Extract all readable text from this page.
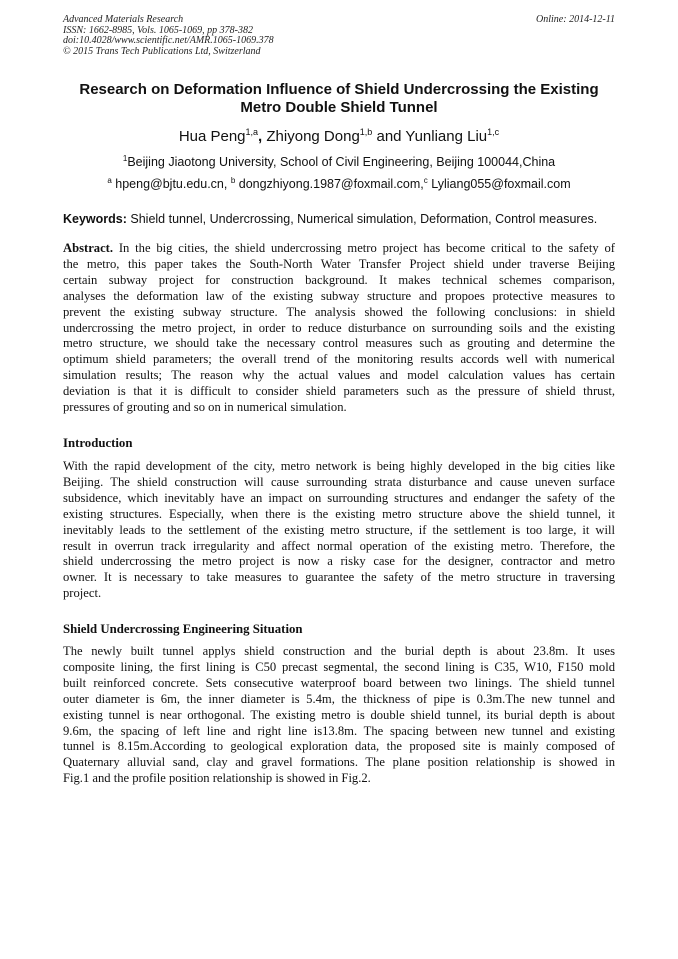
Advanced Materials Research
ISSN: 1662-8985, Vols. 1065-1069, pp 378-382
doi:10.4028/www.scientific.net/AMR.1065-1069.378
© 2015 Trans Tech Publications Ltd, Switzerland
Online: 2014-12-11
Research on Deformation Influence of Shield Undercrossing the Existing
Metro Double Shield Tunnel
Hua Peng$^{1,a}$, Zhiyong Dong$^{1,b}$ and Yunliang Liu$^{1,c}$
$^1$Beijing Jiaotong University, School of Civil Engineering, Beijing 100044,China
$^a$ hpeng@bjtu.edu.cn, $^b$ dongzhiyong.1987@foxmail.com,$^c$ Lyliang055@foxmail.com
Keywords: Shield tunnel, Undercrossing, Numerical simulation, Deformation, Control measures.
Abstract. In the big cities, the shield undercrossing metro project has become critical to the safety of
the metro, this paper takes the South-North Water Transfer Project shield under traverse Beijing
certain subway project for construction background. It makes technical schemes comparison,
analyses the deformation law of the existing subway structure and propoes protective measures to
prevent the existing subway structure. The analysis showed the following conclusions: in shield
undercrossing the metro project, in order to reduce disturbance on surrounding soils and the existing
metro structure, we should take the necessary control measures such as grouting and determine the
optimum shield parameters; the overall trend of the monitoring results accords well with numerical
simulation results; The reason why the actual values and model calculation values has certain
deviation is that it is difficult to consider shield parameters such as the pressure of shield thrust,
pressures of grouting and so on in numerical simulation.
Introduction
With the rapid development of the city, metro network is being highly developed in the big cities like
Beijing. The shield construction will cause surrounding strata disturbance and cause uneven surface
subsidence, which inevitably have an impact on surrounding structures and endanger the safety of the
existing structures. Especially, when there is the existing metro structure above the shield tunnel, it
inevitably leads to the settlement of the existing metro structure, if the settlement is too large, it will
result in overrun track irregularity and affect normal operation of the existing metro. Therefore, the
shield undercrossing the metro project is now a risky case for the designer, contractor and metro
owner. It is necessary to take measures to guarantee the safety of the metro structure in traversing
project.
Shield Undercrossing Engineering Situation
The newly built tunnel applys shield construction and the burial depth is about 23.8m. It uses
composite lining, the first lining is C50 precast segmental, the second lining is C35, W10, F150 mold
built reinforced concrete. Sets consecutive waterproof board between two linings. The shield tunnel
outer diameter is 6m, the inner diameter is 5.4m, the thickness of pipe is 0.3m.The new tunnel and
existing tunnel is near orthogonal. The existing metro is double shield tunnel, its burial depth is about
9.6m, the spacing of left line and right line is13.8m. The spacing between new tunnel and existing
tunnel is 8.15m.According to geological exploration data, the proposed site is mainly composed of
Quaternary alluvial sand, clay and gravel formations. The plane position relationship is showed in
Fig.1 and the profile position relationship is showed in Fig.2.
